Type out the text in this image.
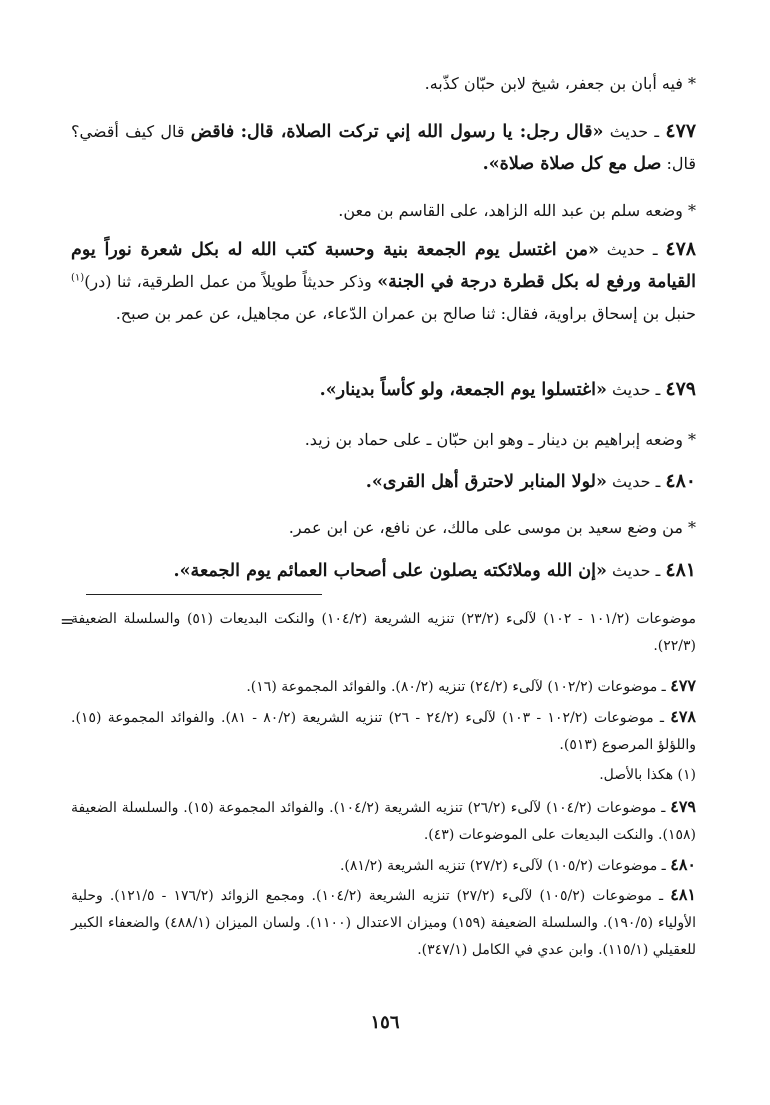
* فيه أبان بن جعفر، شيخ لابن حبّان كذّبه.

٤٧٧ ـ حديث «قال رجل: يا رسول الله إني تركت الصلاة، قال: فاقض قال كيف أقضي؟ قال: صل مع كل صلاة صلاة».

* وضعه سلم بن عبد الله الزاهد، على القاسم بن معن.

٤٧٨ ـ حديث «من اغتسل يوم الجمعة بنية وحسبة كتب الله له بكل شعرة نوراً يوم القيامة ورفع له بكل قطرة درجة في الجنة» وذكر حديثاً طويلاً من عمل الطرقية، ثنا (در)$^{(١)}$ حنبل بن إسحاق براوية، فقال: ثنا صالح بن عمران الدّعاء، عن مجاهيل، عن عمر بن صبح.

٤٧٩ ـ حديث «اغتسلوا يوم الجمعة، ولو كأساً بدينار».

* وضعه إبراهيم بن دينار ـ وهو ابن حبّان ـ على حماد بن زيد.

٤٨٠ ـ حديث «لولا المنابر لاحترق أهل القرى».

* من وضع سعيد بن موسى على مالك، عن نافع، عن ابن عمر.

٤٨١ ـ حديث «إن الله وملائكته يصلون على أصحاب العمائم يوم الجمعة».

=

موضوعات (١٠١/٢ - ١٠٢) لآلىء (٢٣/٢) تنزيه الشريعة (١٠٤/٢) والنكت البديعات (٥١) والسلسلة الضعيفة (٢٢/٣).

٤٧٧ ـ موضوعات (١٠٢/٢) لآلىء (٢٤/٢) تنزيه (٨٠/٢). والفوائد المجموعة (١٦).

٤٧٨ ـ موضوعات (١٠٢/٢ - ١٠٣) لآلىء (٢٤/٢ - ٢٦) تنزيه الشريعة (٨٠/٢ - ٨١). والفوائد المجموعة (١٥). واللؤلؤ المرصوع (٥١٣).

(١) هكذا بالأصل.

٤٧٩ ـ موضوعات (١٠٤/٢) لآلىء (٢٦/٢) تنزيه الشريعة (١٠٤/٢). والفوائد المجموعة (١٥). والسلسلة الضعيفة (١٥٨). والنكت البديعات على الموضوعات (٤٣).

٤٨٠ ـ موضوعات (١٠٥/٢) لآلىء (٢٧/٢) تنزيه الشريعة (٨١/٢).

٤٨١ ـ موضوعات (١٠٥/٢) لآلىء (٢٧/٢) تنزيه الشريعة (١٠٤/٢). ومجمع الزوائد (١٧٦/٢ - ١٢١/٥). وحلية الأولياء (١٩٠/٥). والسلسلة الضعيفة (١٥٩) وميزان الاعتدال (١١٠٠). ولسان الميزان (٤٨٨/١) والضعفاء الكبير للعقيلي (١١٥/١). وابن عدي في الكامل (٣٤٧/١).

١٥٦
